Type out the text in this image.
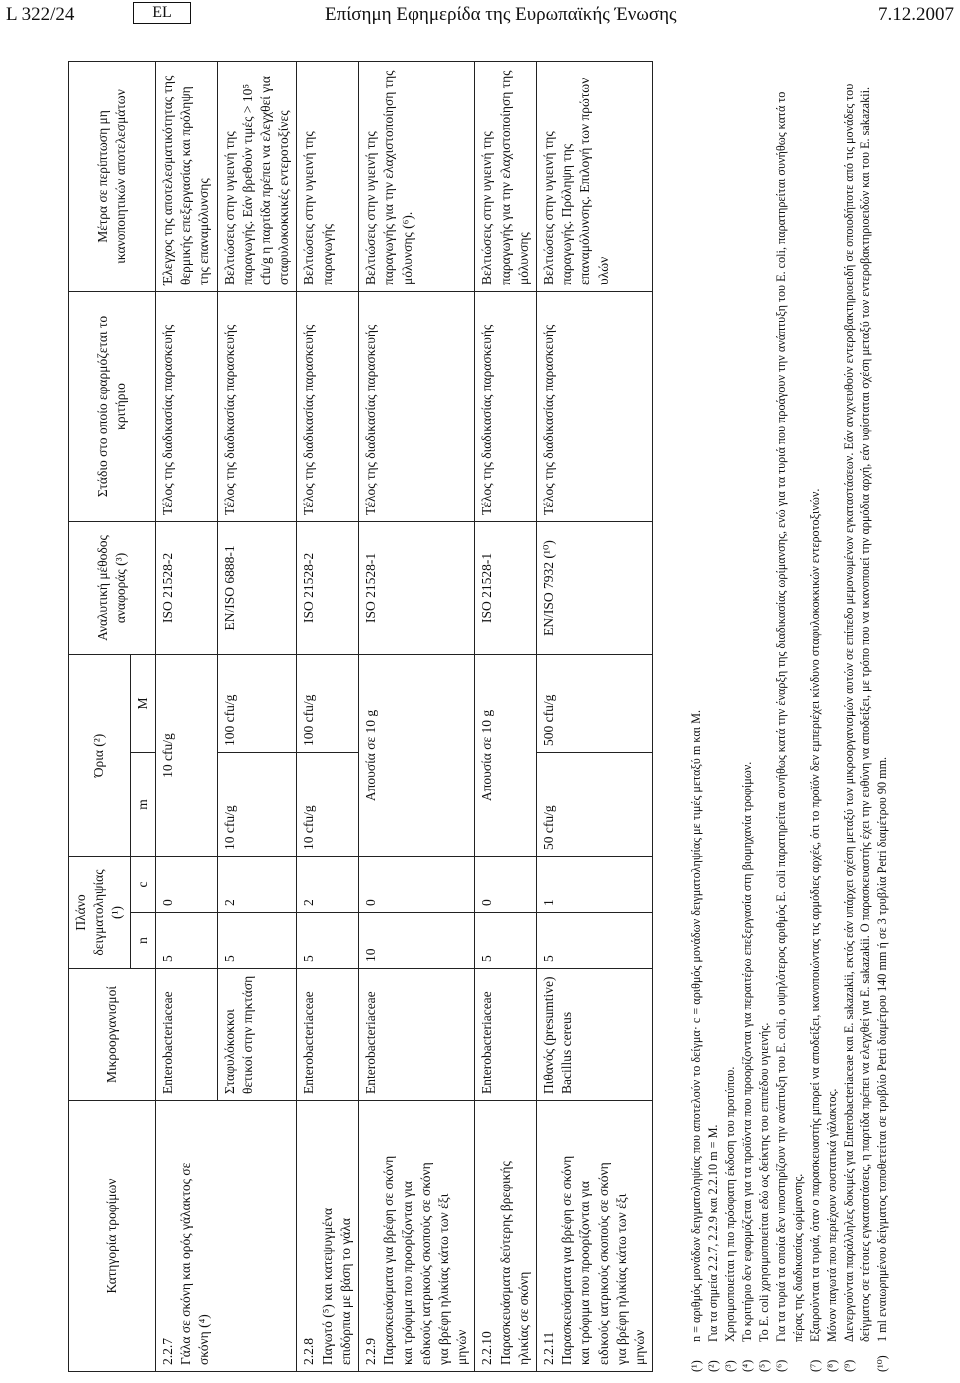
L 322/24	EL	Επίσημη Εφημερίδα της Ευρωπαϊκής Ένωσης	7.12.2007
Κατηγορία τροφίμων	Μικροοργανισμοί	Πλάνο δειγματοληψίας (¹)		Όρια (²)		Αναλυτική μέθοδος αναφοράς (³)	Στάδιο στο οποίο εφαρμόζεται το κριτήριο	Μέτρα σε περίπτωση μη ικανοποιητικών αποτελεσμάτων
		n	c	m	M			
2.2.7 Γάλα σε σκόνη και ορός γάλακτος σε σκόνη (⁴)	Enterobacteriaceae	5	0	10 cfu/g		ISO 21528-2	Τέλος της διαδικασίας παρασκευής	Έλεγχος της αποτελεσματικότητας της θερμικής επεξεργασίας και πρόληψη της επαναμόλυνσης
	Σταφυλόκοκκοι θετικοί στην πηκτάση	5	2	10 cfu/g	100 cfu/g	EN/ISO 6888-1	Τέλος της διαδικασίας παρασκευής	Βελτιώσεις στην υγιεινή της παραγωγής. Εάν βρεθούν τιμές > 10⁵ cfu/g η παρτίδα πρέπει να ελεγχθεί για σταφυλοκοκκικές εντεροτοξίνες
2.2.8 Παγωτό (⁵) και κατεψυγμένα επιδόρπια με βάση το γάλα	Enterobacteriaceae	5	2	10 cfu/g	100 cfu/g	ISO 21528-2	Τέλος της διαδικασίας παρασκευής	Βελτιώσεις στην υγιεινή της παραγωγής
2.2.9 Παρασκευάσματα για βρέφη σε σκόνη και τρόφιμα που προορίζονται για ειδικούς ιατρικούς σκοπούς σε σκόνη για βρέφη ηλικίας κάτω των έξι μηνών	Enterobacteriaceae	10	0	Απουσία σε 10 g		ISO 21528-1	Τέλος της διαδικασίας παρασκευής	Βελτιώσεις στην υγιεινή της παραγωγής για την ελαχιστοποίηση της μόλυνσης (⁶).
2.2.10 Παρασκευάσματα δεύτερης βρεφικής ηλικίας σε σκόνη	Enterobacteriaceae	5	0	Απουσία σε 10 g		ISO 21528-1	Τέλος της διαδικασίας παρασκευής	Βελτιώσεις στην υγιεινή της παραγωγής για την ελαχιστοποίηση της μόλυνσης
2.2.11 Παρασκευάσματα για βρέφη σε σκόνη και τρόφιμα που προορίζονται για ειδικούς ιατρικούς σκοπούς σε σκόνη για βρέφη ηλικίας κάτω των έξι μηνών	Πιθανός (presumtive) Bacillus cereus	5	1	50 cfu/g	500 cfu/g	EN/ISO 7932 (¹⁰)	Τέλος της διαδικασίας παρασκευής	Βελτιώσεις στην υγιεινή της παραγωγής. Πρόληψη της επαναμόλυνσης. Επιλογή των πρώτων υλών
(¹)
n = αριθμός μονάδων δειγματοληψίας που αποτελούν το δείγμα· c = αριθμός μονάδων δειγματοληψίας με τιμές μεταξύ m και M.
(²)
Για τα σημεία 2.2.7, 2.2.9 και 2.2.10 m = M.
(³)
Χρησιμοποιείται η πιο πρόσφατη έκδοση του προτύπου.
(⁴)
Το κριτήριο δεν εφαρμόζεται για τα προϊόντα που προορίζονται για περαιτέρω επεξεργασία στη βιομηχανία τροφίμων.
(⁵)
Το E. coli χρησιμοποιείται εδώ ως δείκτης του επιπέδου υγιεινής.
(⁶)
Για τα τυριά τα οποία δεν υποστηρίζουν την ανάπτυξη του E. coli, ο υψηλότερος αριθμός E. coli παρατηρείται συνήθως κατά την έναρξη της διαδικασίας ωρίμανσης, ενώ για τα τυριά που προάγουν την ανάπτυξη του E. coli, παρατηρείται συνήθως κατά το πέρας της διαδικασίας ωρίμανσης.
(⁷)
Εξαιρούνται τα τυριά, όταν ο παρασκευαστής μπορεί να αποδείξει, ικανοποιώντας τις αρμόδιες αρχές, ότι το προϊόν δεν εμπεριέχει κίνδυνο σταφυλοκοκκικών εντεροτοξινών.
(⁸)
Μόνον παγωτά που περιέχουν συστατικά γάλακτος.
(⁹)
Διενεργούνται παράλληλες δοκιμές για Enterobacteriaceae και E. sakazakii, εκτός εάν υπάρχει σχέση μεταξύ των μικροοργανισμών αυτών σε επίπεδο μεμονωμένων εγκαταστάσεων. Εάν ανιχνευθούν εντεροβακτηριοειδή σε οποιοδήποτε από τις μονάδες του δείγματος σε τέτοιες εγκαταστάσεις, η παρτίδα πρέπει να ελεγχθεί για E. sakazakii. Ο παρασκευαστής έχει την ευθύνη να αποδείξει, με τρόπο που να ικανοποιεί την αρμόδια αρχή, εάν υφίσταται σχέση μεταξύ των εντεροβακτηριοειδών και του E. sakazakii.
(¹⁰)
1 ml εναιωρημένου δείγματος τοποθετείται σε τρυβλίο Petri διαμέτρου 140 mm ή σε 3 τρυβλία Petri διαμέτρου 90 mm.
